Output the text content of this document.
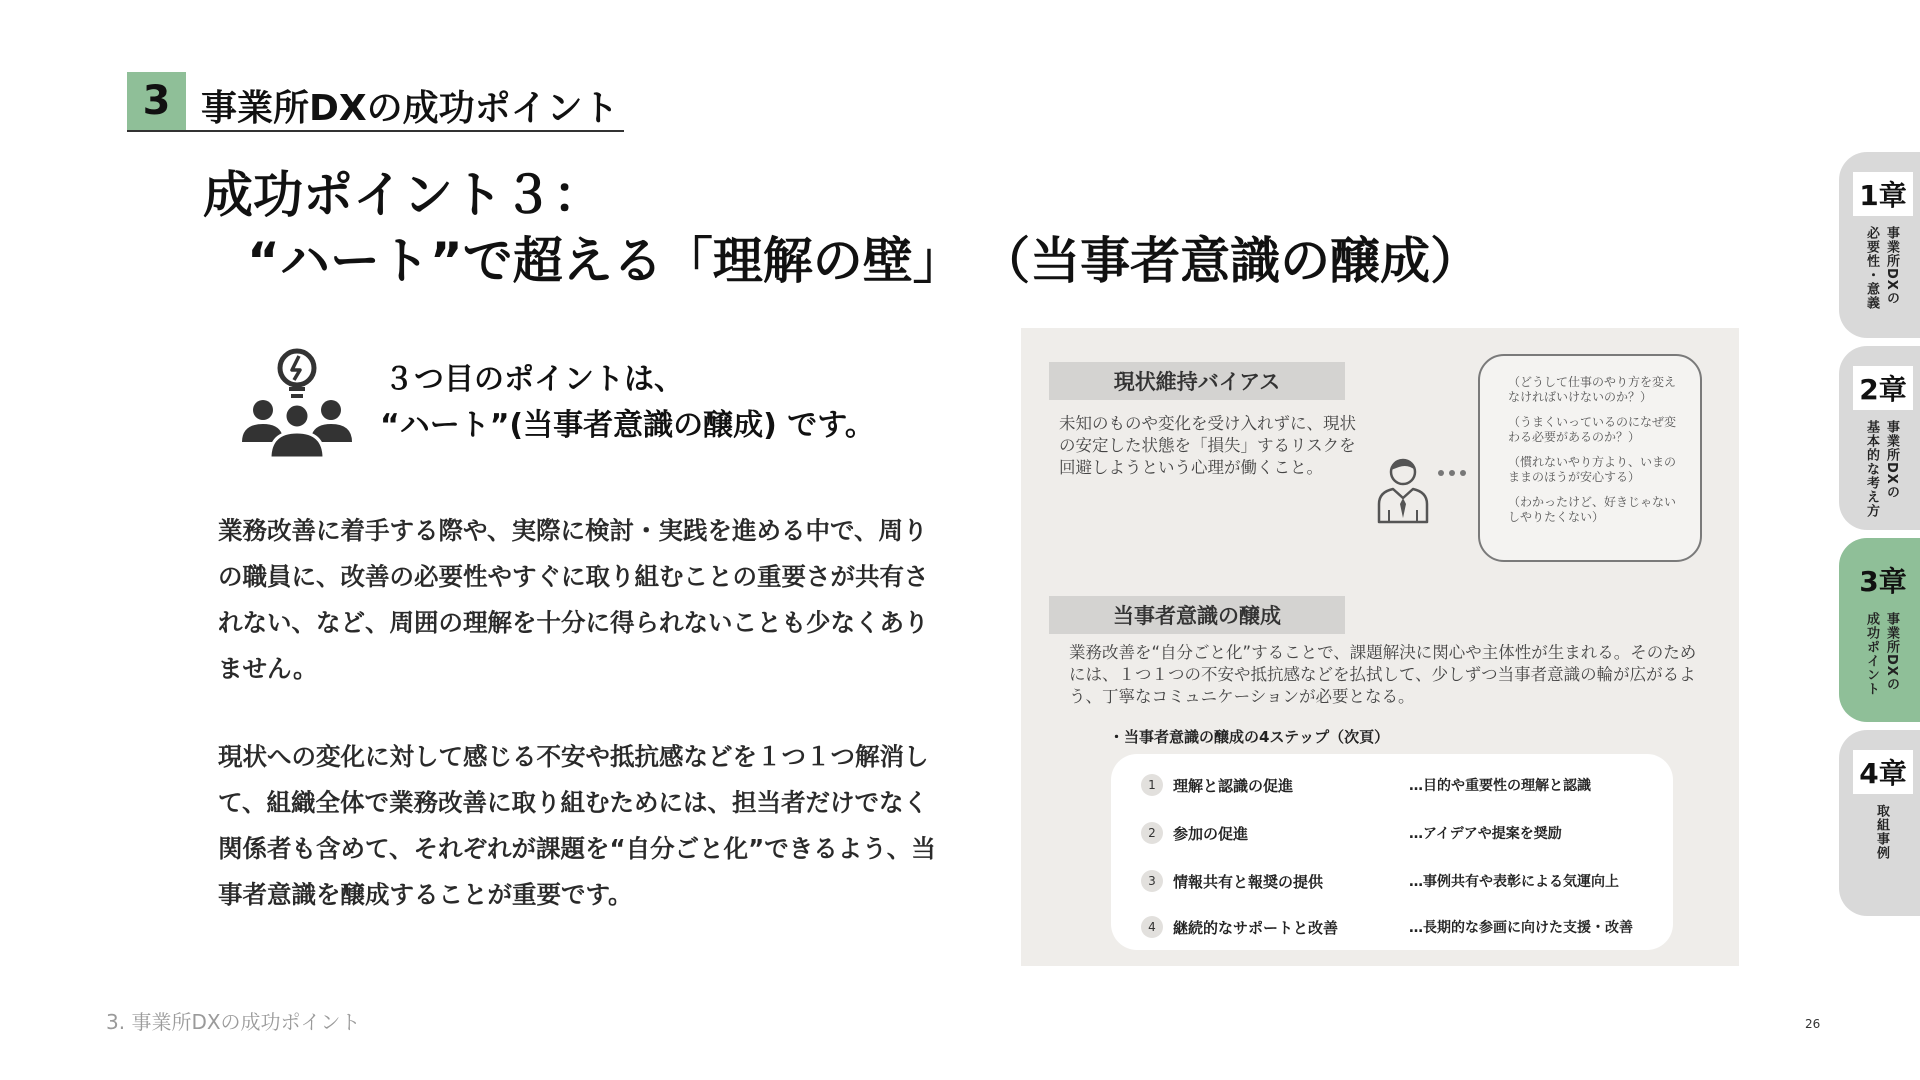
3 事業所DXの成功ポイント
成功ポイント３：
“ハート”で超える「理解の壁」 （当事者意識の醸成）
３つ目のポイントは、
“ハート”(当事者意識の醸成) です。

業務改善に着手する際や、実際に検討・実践を進める中で、周りの職員に、改善の必要性やすぐに取り組むことの重要さが共有されない、など、周囲の理解を十分に得られないことも少なくありません。

現状への変化に対して感じる不安や抵抗感などを１つ１つ解消して、組織全体で業務改善に取り組むためには、担当者だけでなく関係者も含めて、それぞれが課題を“自分ごと化”できるよう、当事者意識を醸成することが重要です。

現状維持バイアス

未知のものや変化を受け入れずに、現状の安定した状態を「損失」するリスクを回避しようという心理が働くこと。

（どうして仕事のやり方を変えなければいけないのか？）

（うまくいっているのになぜ変わる必要があるのか？）

（慣れないやり方より、いまのままのほうが安心する）

（わかったけど、好きじゃないしやりたくない）

当事者意識の醸成

業務改善を“自分ごと化”することで、課題解決に関心や主体性が生まれる。そのためには、１つ１つの不安や抵抗感などを払拭して、少しずつ当事者意識の輪が広がるよう、丁寧なコミュニケーションが必要となる。

・当事者意識の醸成の4ステップ（次頁）
1	理解と認識の促進	…目的や重要性の理解と認識
2	参加の促進	…アイデアや提案を奨励
3	情報共有と報奨の提供	…事例共有や表彰による気運向上
4	継続的なサポートと改善	…長期的な参画に向けた支援・改善
1章
事業所DXの
必要性・意義
2章
事業所DXの
基本的な考え方
3章
事業所DXの
成功ポイント
4章
取組事例
3. 事業所DXの成功ポイント	26
